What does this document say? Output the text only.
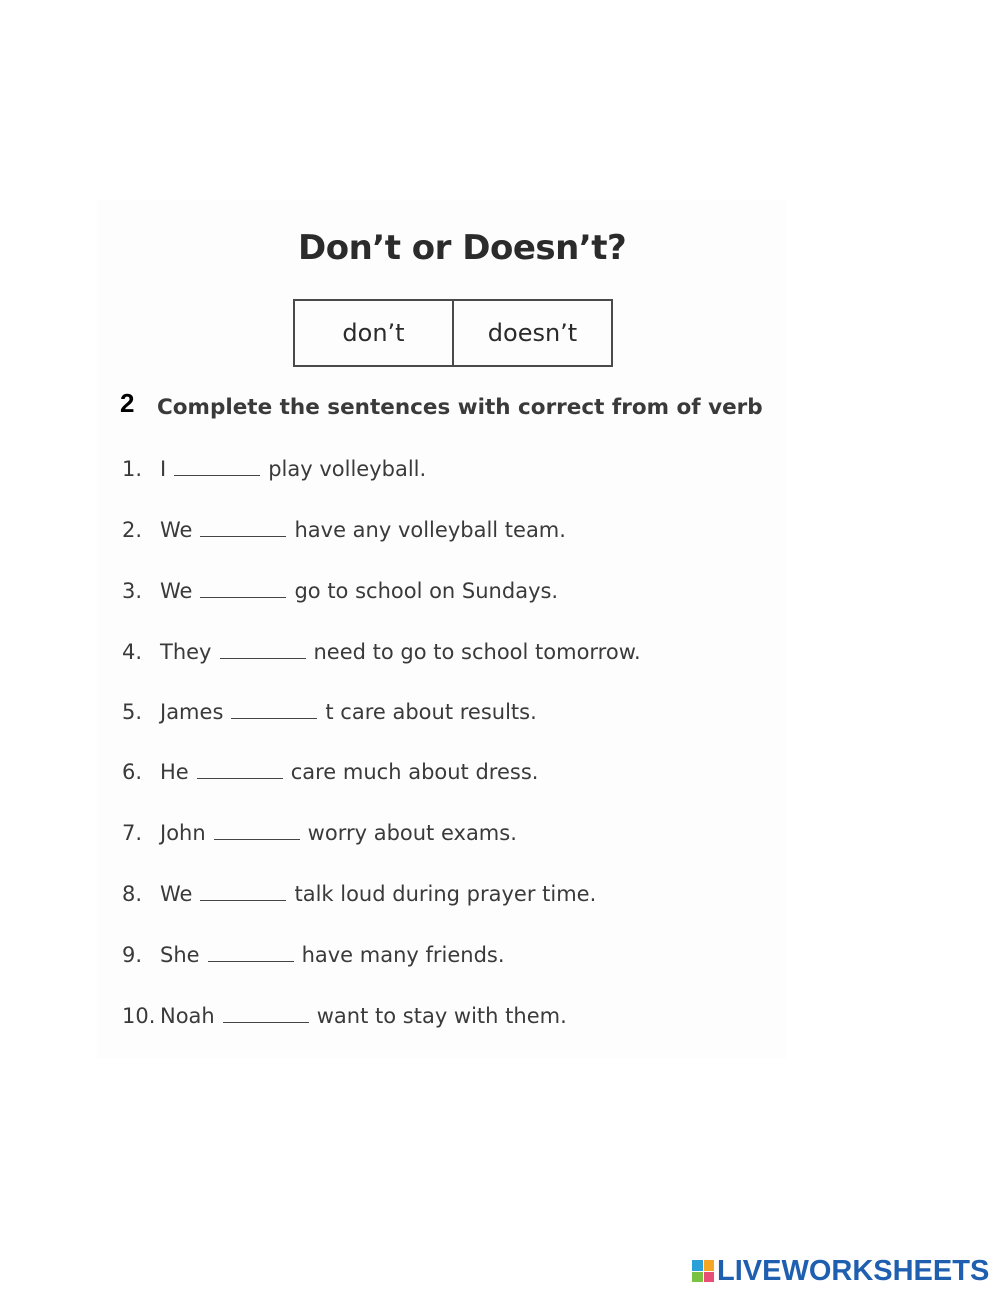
Don’t or Doesn’t?
don’t	doesn’t
2 Complete the sentences with correct from of verb
1. I	play volleyball.
2. We	have any volleyball team.
3. We	go to school on Sundays.
4. They	need to go to school tomorrow.
5. James	t care about results.
6. He	care much about dress.
7. John	worry about exams.
8. We	talk loud during prayer time.
9. She	have many friends.
10. Noah	want to stay with them.
LIVEWORKSHEETS
